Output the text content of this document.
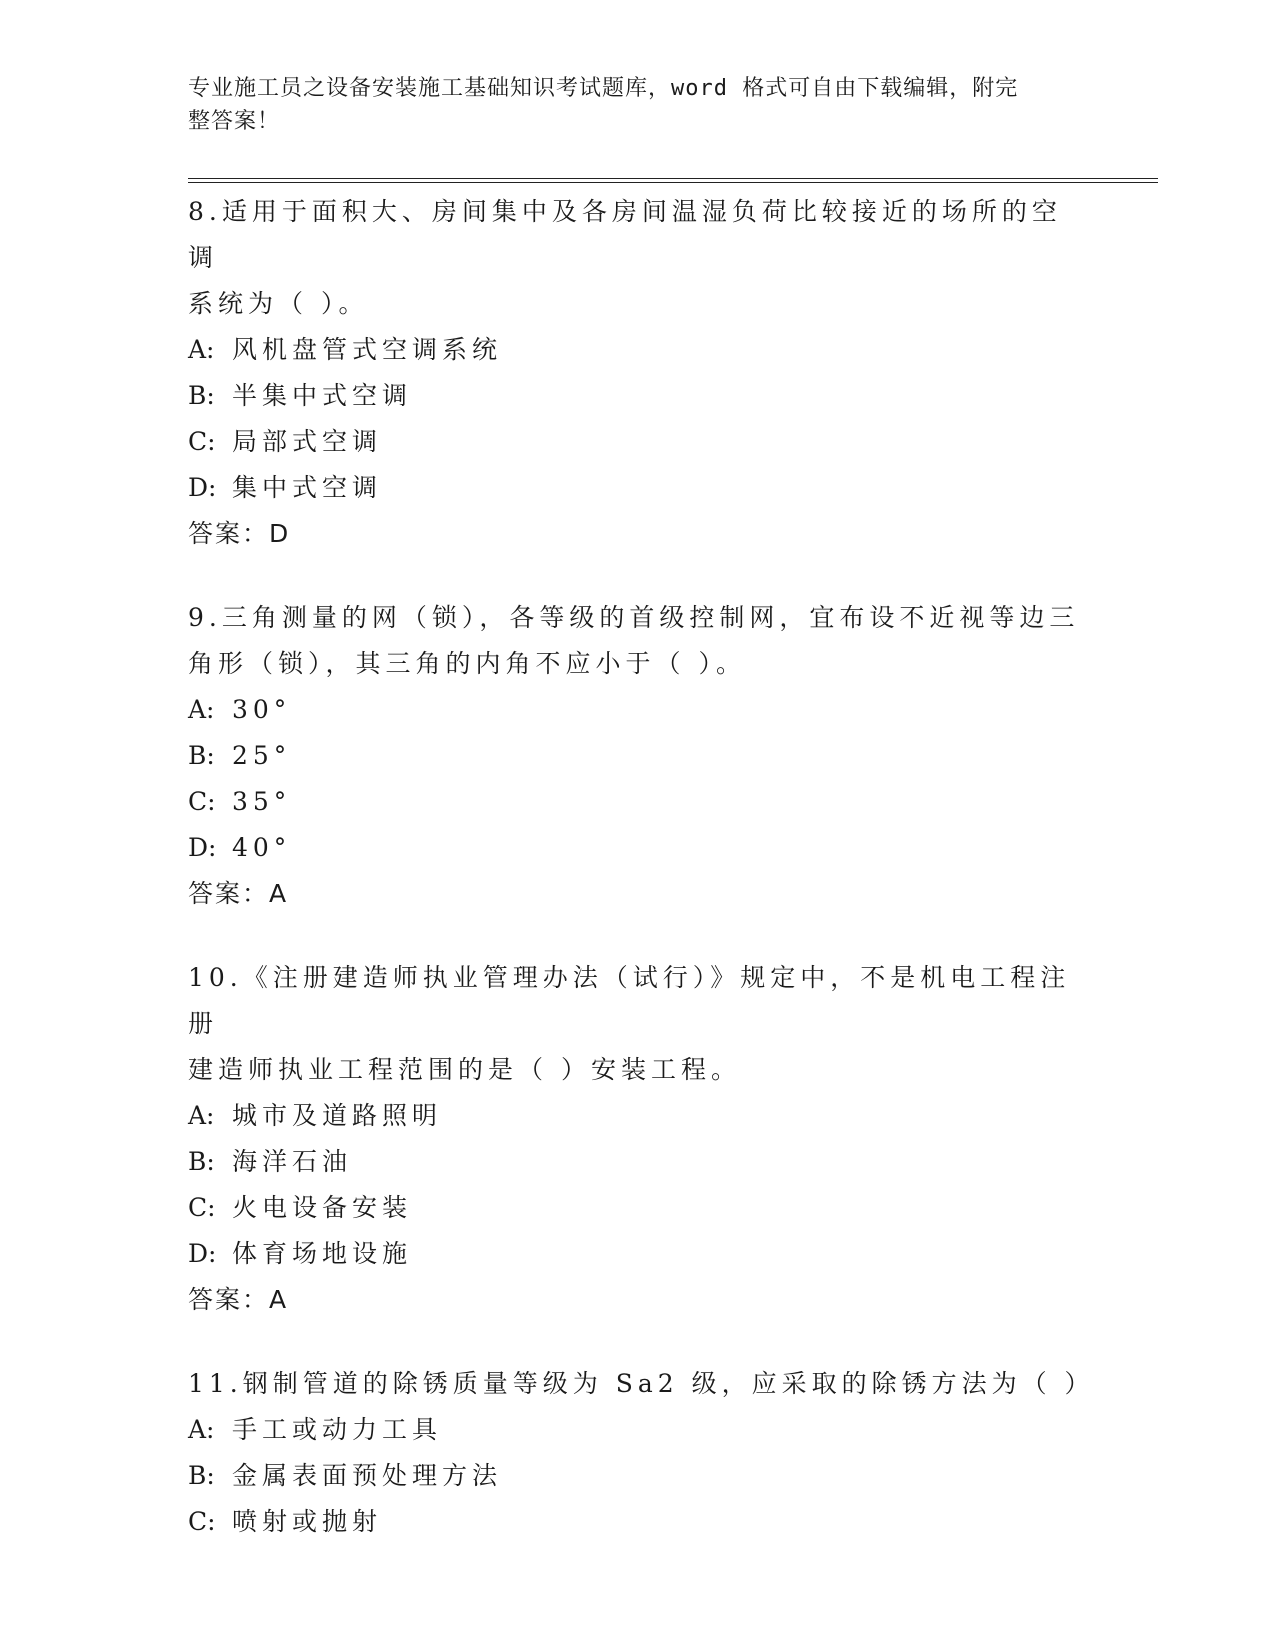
专业施工员之设备安装施工基础知识考试题库，word 格式可自由下载编辑，附完
整答案！
8.适用于面积大、房间集中及各房间温湿负荷比较接近的场所的空调
系统为（ ）。
A: 风机盘管式空调系统
B: 半集中式空调
C: 局部式空调
D: 集中式空调
答案：D
9.三角测量的网（锁），各等级的首级控制网，宜布设不近视等边三
角形（锁），其三角的内角不应小于（ ）。
A: 30°
B: 25°
C: 35°
D: 40°
答案：A
10.《注册建造师执业管理办法（试行）》规定中，不是机电工程注册
建造师执业工程范围的是（ ）安装工程。
A: 城市及道路照明
B: 海洋石油
C: 火电设备安装
D: 体育场地设施
答案：A
11.钢制管道的除锈质量等级为 Sa2 级，应采取的除锈方法为（ ）
A: 手工或动力工具
B: 金属表面预处理方法
C: 喷射或抛射
